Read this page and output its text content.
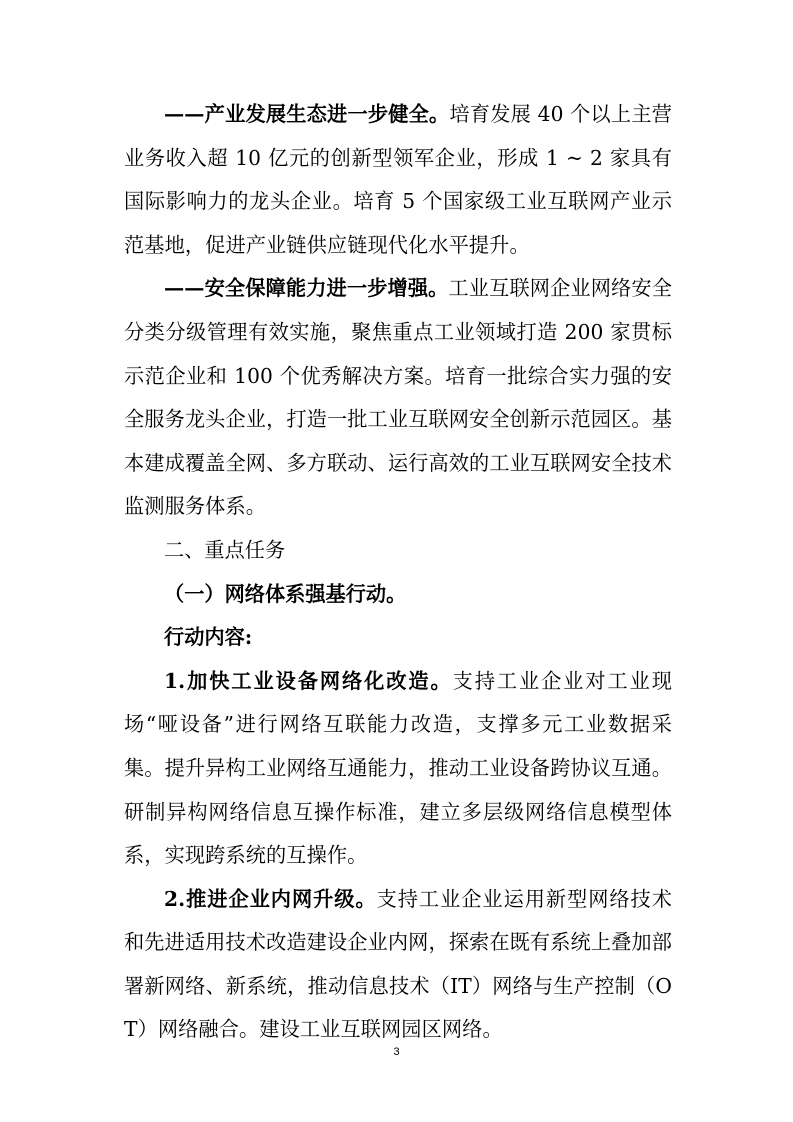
——产业发展生态进一步健全。培育发展 40 个以上主营业务收入超 10 亿元的创新型领军企业，形成 1 ~ 2 家具有国际影响力的龙头企业。培育 5 个国家级工业互联网产业示范基地，促进产业链供应链现代化水平提升。

——安全保障能力进一步增强。工业互联网企业网络安全分类分级管理有效实施，聚焦重点工业领域打造 200 家贯标示范企业和 100 个优秀解决方案。培育一批综合实力强的安全服务龙头企业，打造一批工业互联网安全创新示范园区。基本建成覆盖全网、多方联动、运行高效的工业互联网安全技术监测服务体系。

二、重点任务

（一）网络体系强基行动。

行动内容:

1.加快工业设备网络化改造。支持工业企业对工业现场“哑设备”进行网络互联能力改造，支撑多元工业数据采集。提升异构工业网络互通能力，推动工业设备跨协议互通。研制异构网络信息互操作标准，建立多层级网络信息模型体系，实现跨系统的互操作。

2.推进企业内网升级。支持工业企业运用新型网络技术和先进适用技术改造建设企业内网，探索在既有系统上叠加部署新网络、新系统，推动信息技术（IT）网络与生产控制（OT）网络融合。建设工业互联网园区网络。

3
